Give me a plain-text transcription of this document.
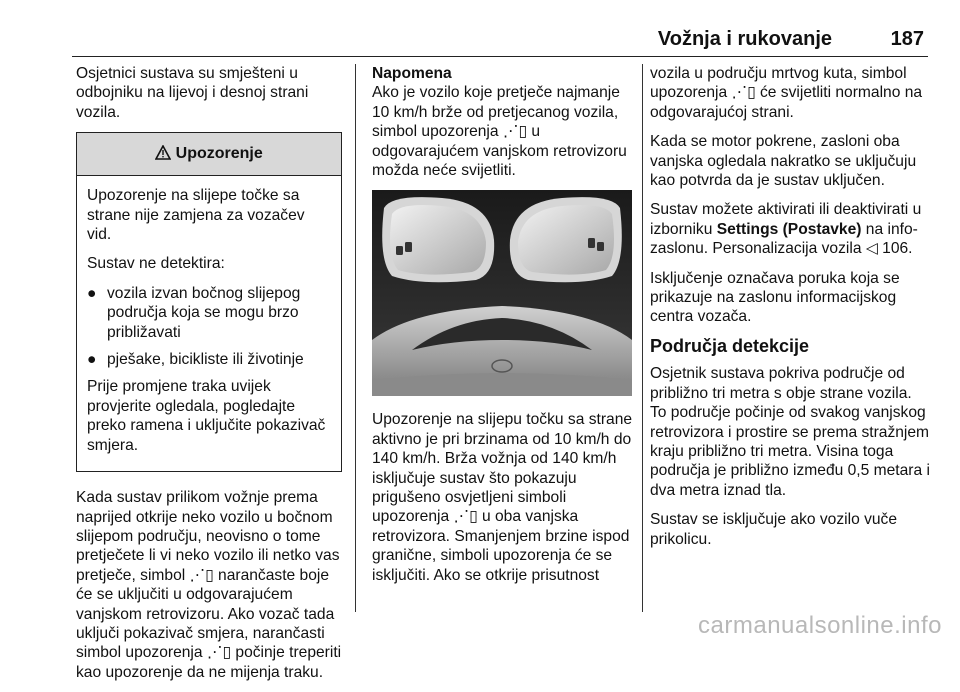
Vožnja i rukovanje	187

Osjetnici sustava su smješteni u odbojniku na lijevoj i desnoj strani vozila.

Upozorenje

Upozorenje na slijepe točke sa strane nije zamjena za vozačev vid.

Sustav ne detektira:

● vozila izvan bočnog slijepog područja koja se mogu brzo približavati
● pješake, bicikliste ili životinje

Prije promjene traka uvijek provjerite ogledala, pogledajte preko ramena i uključite pokazivač smjera.

Kada sustav prilikom vožnje prema naprijed otkrije neko vozilo u bočnom slijepom području, neovisno o tome pretječete li vi neko vozilo ili netko vas pretječe, simbol ⋰▯ narančaste boje će se uključiti u odgovarajućem vanjskom retrovizoru. Ako vozač tada uključi pokazivač smjera, narančasti simbol upozorenja ⋰▯ počinje treperiti kao upozorenje da ne mijenja traku.

Napomena

Ako je vozilo koje pretječe najmanje 10 km/h brže od pretjecanog vozila, simbol upozorenja ⋰▯ u odgovarajućem vanjskom retrovizoru možda neće svijetliti.

Upozorenje na slijepu točku sa strane aktivno je pri brzinama od 10 km/h do 140 km/h. Brža vožnja od 140 km/h isključuje sustav što pokazuju prigušeno osvjetljeni simboli upozorenja ⋰▯ u oba vanjska retrovizora. Smanjenjem brzine ispod granične, simboli upozorenja će se isključiti. Ako se otkrije prisutnost

vozila u području mrtvog kuta, simbol upozorenja ⋰▯ će svijetliti normalno na odgovarajućoj strani.

Kada se motor pokrene, zasloni oba vanjska ogledala nakratko se uključuju kao potvrda da je sustav uključen.

Sustav možete aktivirati ili deaktivirati u izborniku Settings (Postavke) na info-zaslonu. Personalizacija vozila ◁ 106.

Isključenje označava poruka koja se prikazuje na zaslonu informacijskog centra vozača.

Područja detekcije

Osjetnik sustava pokriva područje od približno tri metra s obje strane vozila. To područje počinje od svakog vanjskog retrovizora i prostire se prema stražnjem kraju približno tri metra. Visina toga područja je približno između 0,5 metara i dva metra iznad tla.

Sustav se isključuje ako vozilo vuče prikolicu.

carmanualsonline.info
